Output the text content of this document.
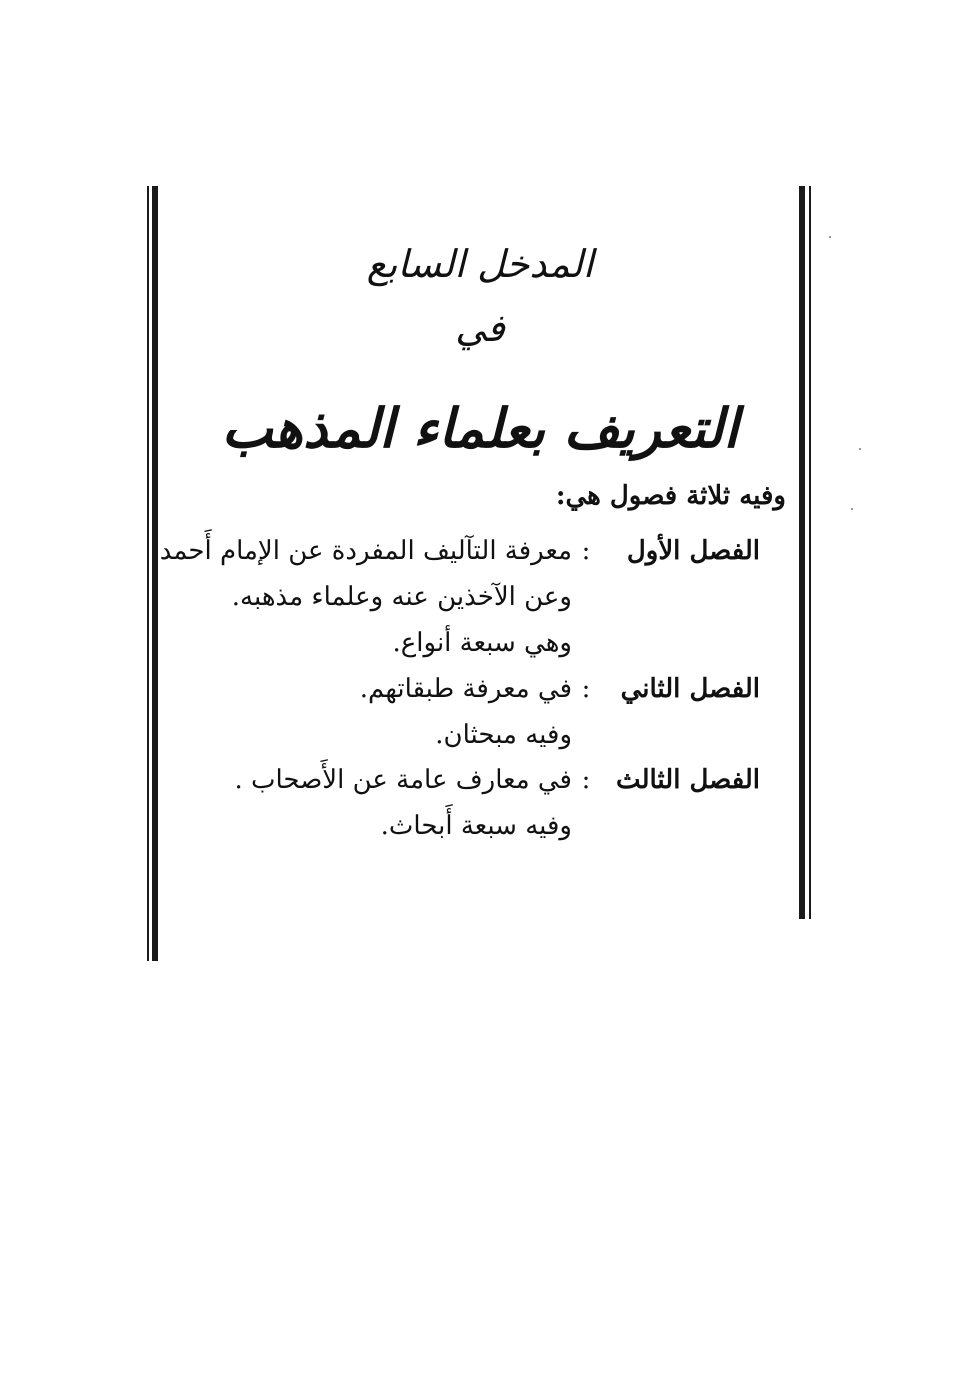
المدخل السابع
في
التعريف بعلماء المذهب
وفيه ثلاثة فصول هي:
الفصل الأول
:
معرفة التآليف المفردة عن الإمام أَحمد
وعن الآخذين عنه وعلماء مذهبه.
وهي سبعة أنواع.
الفصل الثاني
:
في معرفة طبقاتهم.
وفيه مبحثان.
الفصل الثالث
:
في معارف عامة عن الأَصحاب .
وفيه سبعة أَبحاث.
